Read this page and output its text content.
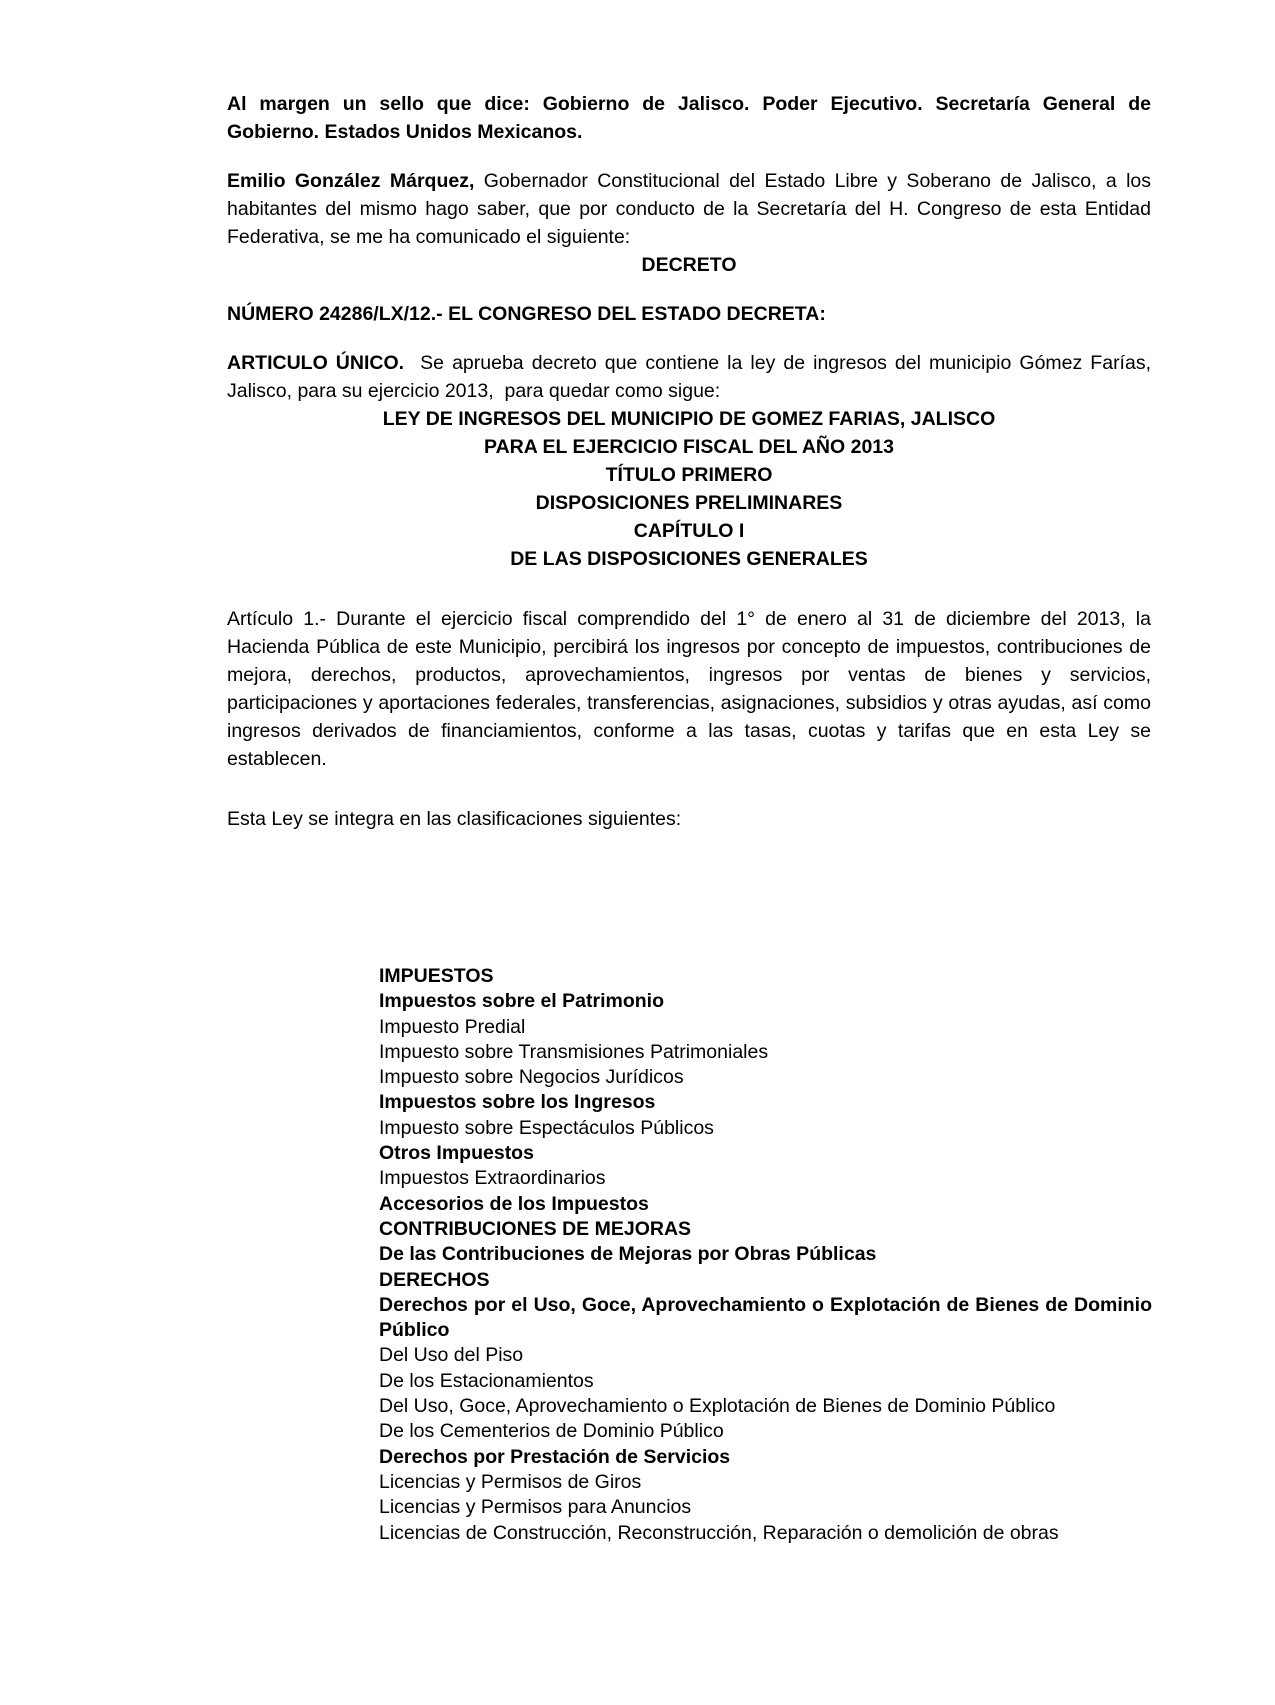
Al margen un sello que dice: Gobierno de Jalisco. Poder Ejecutivo. Secretaría General de Gobierno. Estados Unidos Mexicanos.

Emilio González Márquez, Gobernador Constitucional del Estado Libre y Soberano de Jalisco, a los habitantes del mismo hago saber, que por conducto de la Secretaría del H. Congreso de esta Entidad Federativa, se me ha comunicado el siguiente:

DECRETO

NÚMERO 24286/LX/12.- EL CONGRESO DEL ESTADO DECRETA:

ARTICULO ÚNICO.  Se aprueba decreto que contiene la ley de ingresos del municipio Gómez Farías,  Jalisco, para su ejercicio 2013,  para quedar como sigue:

LEY DE INGRESOS DEL MUNICIPIO DE GOMEZ FARIAS, JALISCO
PARA EL EJERCICIO FISCAL DEL AÑO 2013

TÍTULO PRIMERO
DISPOSICIONES PRELIMINARES

CAPÍTULO I
DE LAS DISPOSICIONES GENERALES

Artículo 1.- Durante el ejercicio fiscal comprendido del 1° de enero al 31 de diciembre del 2013, la Hacienda Pública de este Municipio, percibirá los ingresos por concepto de impuestos, contribuciones de mejora, derechos, productos, aprovechamientos, ingresos por ventas de bienes y servicios, participaciones y aportaciones federales, transferencias, asignaciones, subsidios y otras ayudas, así como ingresos derivados de financiamientos, conforme a las tasas, cuotas y tarifas que en esta Ley se establecen.

Esta Ley se integra en las clasificaciones siguientes:

IMPUESTOS

Impuestos sobre el Patrimonio

Impuesto Predial

Impuesto sobre Transmisiones Patrimoniales

Impuesto sobre Negocios Jurídicos

Impuestos sobre los Ingresos

Impuesto sobre Espectáculos Públicos

Otros Impuestos

Impuestos Extraordinarios

Accesorios de los Impuestos

CONTRIBUCIONES DE MEJORAS

De las Contribuciones de Mejoras por Obras Públicas

DERECHOS

Derechos por el Uso, Goce, Aprovechamiento o Explotación de Bienes de Dominio Público

Del Uso del Piso

De los Estacionamientos

Del Uso, Goce, Aprovechamiento o Explotación de Bienes de Dominio Público

De los Cementerios de Dominio Público

Derechos por Prestación de Servicios

Licencias y Permisos de Giros

Licencias y Permisos para Anuncios

Licencias de Construcción, Reconstrucción, Reparación o demolición de obras
